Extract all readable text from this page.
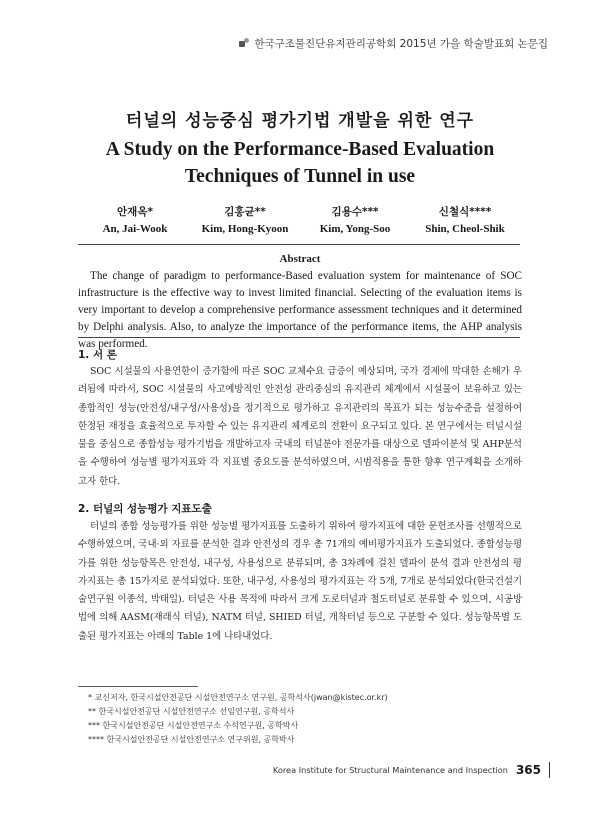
한국구조물진단유지관리공학회 2015년 가을 학술발표회 논문집
터널의 성능중심 평가기법 개발을 위한 연구
A Study on the Performance-Based Evaluation Techniques of Tunnel in use
안재옥*
An, Jai-Wook
김홍균**
Kim, Hong-Kyoon
김용수***
Kim, Yong-Soo
신철식****
Shin, Cheol-Shik
Abstract
The change of paradigm to performance-Based evaluation system for maintenance of SOC infrastructure is the effective way to invest limited financial. Selecting of the evaluation items is very important to develop a comprehensive performance assessment techniques and it determined by Delphi analysis. Also, to analyze the importance of the performance items, the AHP analysis was performed.
1. 서 론
SOC 시설물의 사용연한이 증가함에 따른 SOC 교체수요 급증이 예상되며, 국가 경제에 막대한 손해가 우려됨에 따라서, SOC 시설물의 사고예방적인 안전성 관리중심의 유지관리 체계에서 시설물이 보유하고 있는 종합적인 성능(안전성/내구성/사용성)을 정기적으로 평가하고 유지관리의 목표가 되는 성능수준을 설정하여 한정된 재정을 효율적으로 투자할 수 있는 유지관리 체계로의 전환이 요구되고 있다. 본 연구에서는 터널시설물을 중심으로 종합성능 평가기법을 개발하고자 국내의 터널분야 전문가를 대상으로 델파이분석 및 AHP분석을 수행하여 성능별 평가지표와 각 지표별 중요도를 분석하였으며, 시범적용을 통한 향후 연구계획을 소개하고자 한다.
2. 터널의 성능평가 지표도출
터널의 종합 성능평가를 위한 성능별 평가지표를 도출하기 위하여 평가지표에 대한 문헌조사를 선행적으로 수행하였으며, 국내·외 자료를 분석한 결과 안전성의 경우 총 71개의 예비평가지표가 도출되었다. 종합성능평가를 위한 성능항목은 안전성, 내구성, 사용성으로 분류되며, 총 3차례에 걸친 델파이 분석 결과 안전성의 평가지표는 총 15가지로 분석되었다. 또한, 내구성, 사용성의 평가지표는 각 5개, 7개로 분석되었다(한국건설기술연구원 이종석, 박태일). 터널은 사용 목적에 따라서 크게 도로터널과 철도터널로 분류할 수 있으며, 시공방법에 의해 AASM(재래식 터널), NATM 터널, SHIED 터널, 개착터널 등으로 구분할 수 있다. 성능항목별 도출된 평가지표는 아래의 Table 1에 나타내었다.
* 교신저자, 한국시설안전공단 시설안전연구소 연구원, 공학석사(jwan@kistec.or.kr)
** 한국시설안전공단 시설안전연구소 선임연구원, 공학석사
*** 한국시설안전공단 시설안전연구소 수석연구원, 공학박사
**** 한국시설안전공단 시설안전연구소 연구위원, 공학박사
Korea Institute for Structural Maintenance and Inspection 365
